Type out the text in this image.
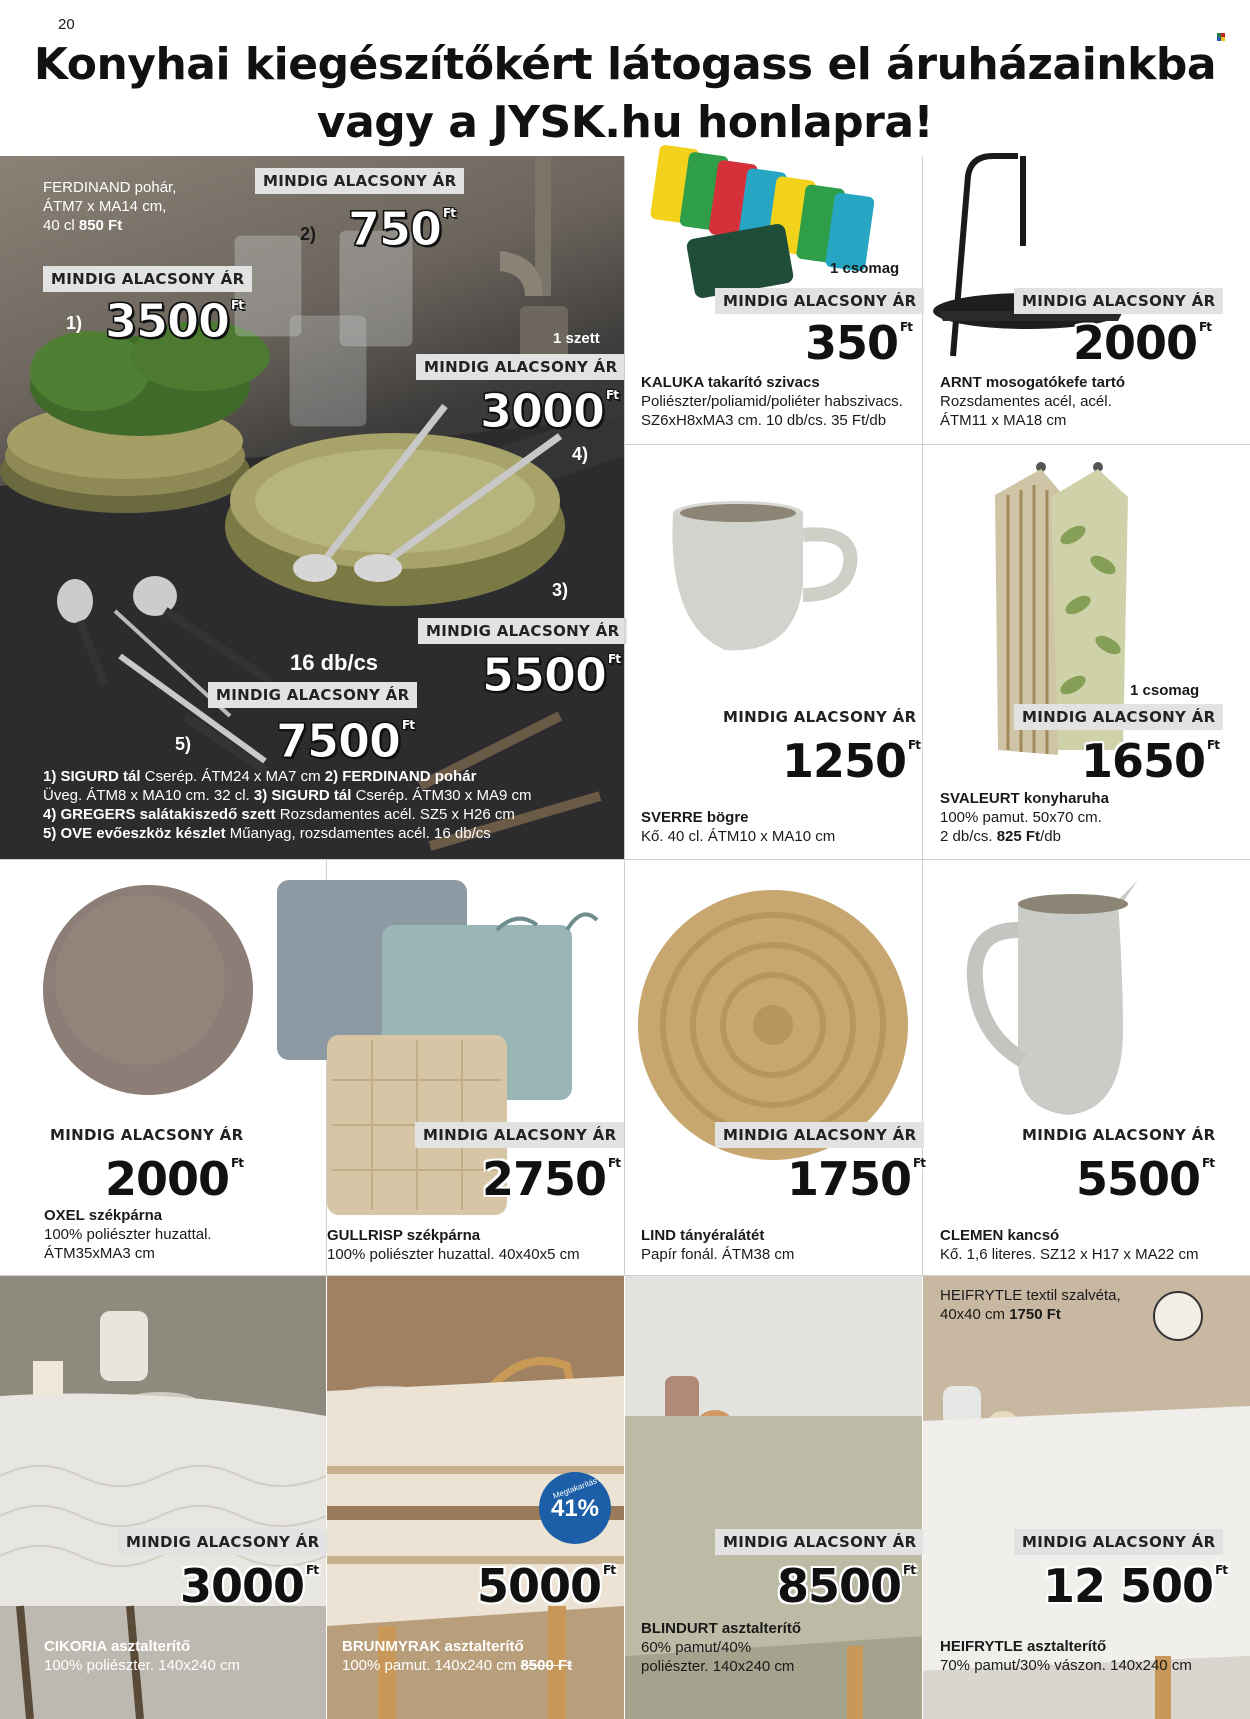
20
Konyhai kiegészítőkért látogass el áruházainkba
vagy a JYSK.hu honlapra!
FERDINAND pohár,
ÁTM7 x MA14 cm,
40 cl 850 Ft
MINDIG ALACSONY ÁR
2) 750 $^{Ft}$
MINDIG ALACSONY ÁR
1) 3500 $^{Ft}$
1 szett
MINDIG ALACSONY ÁR
3000 $^{Ft}$
4)
3)
MINDIG ALACSONY ÁR
5500 $^{Ft}$
16 db/cs
MINDIG ALACSONY ÁR
5) 7500 $^{Ft}$
1) SIGURD tál Cserép. ÁTM24 x MA7 cm 2) FERDINAND pohár
Üveg. ÁTM8 x MA10 cm. 32 cl. 3) SIGURD tál Cserép. ÁTM30 x MA9 cm
4) GREGERS salátakiszedő szett Rozsdamentes acél. SZ5 x H26 cm
5) OVE evőeszköz készlet Műanyag, rozsdamentes acél. 16 db/cs
1 csomag
MINDIG ALACSONY ÁR
350 $^{Ft}$
KALUKA takarító szivacs
Poliészter/poliamid/poliéter habszivacs.
SZ6xH8xMA3 cm. 10 db/cs. 35 Ft/db
MINDIG ALACSONY ÁR
2000 $^{Ft}$
ARNT mosogatókefe tartó
Rozsdamentes acél, acél.
ÁTM11 x MA18 cm
MINDIG ALACSONY ÁR
1250 $^{Ft}$
SVERRE bögre
Kő. 40 cl. ÁTM10 x MA10 cm
1 csomag
MINDIG ALACSONY ÁR
1650 $^{Ft}$
SVALEURT konyharuha
100% pamut. 50x70 cm.
2 db/cs. 825 Ft/db
MINDIG ALACSONY ÁR
2000 $^{Ft}$
OXEL székpárna
100% poliészter huzattal.
ÁTM35xMA3 cm
MINDIG ALACSONY ÁR
2750 $^{Ft}$
GULLRISP székpárna
100% poliészter huzattal. 40x40x5 cm
MINDIG ALACSONY ÁR
1750 $^{Ft}$
LIND tányéralátét
Papír fonál. ÁTM38 cm
MINDIG ALACSONY ÁR
5500 $^{Ft}$
CLEMEN kancsó
Kő. 1,6 literes. SZ12 x H17 x MA22 cm
MINDIG ALACSONY ÁR
3000 $^{Ft}$
CIKORIA asztalterítő
100% poliészter. 140x240 cm
Megtakarítás
41%
5000 $^{Ft}$
BRUNMYRAK asztalterítő
100% pamut. 140x240 cm 8500 Ft
MINDIG ALACSONY ÁR
8500 $^{Ft}$
BLINDURT asztalterítő
60% pamut/40%
poliészter. 140x240 cm
HEIFRYTLE textil szalvéta,
40x40 cm 1750 Ft
MINDIG ALACSONY ÁR
12 500 $^{Ft}$
HEIFRYTLE asztalterítő
70% pamut/30% vászon. 140x240 cm
